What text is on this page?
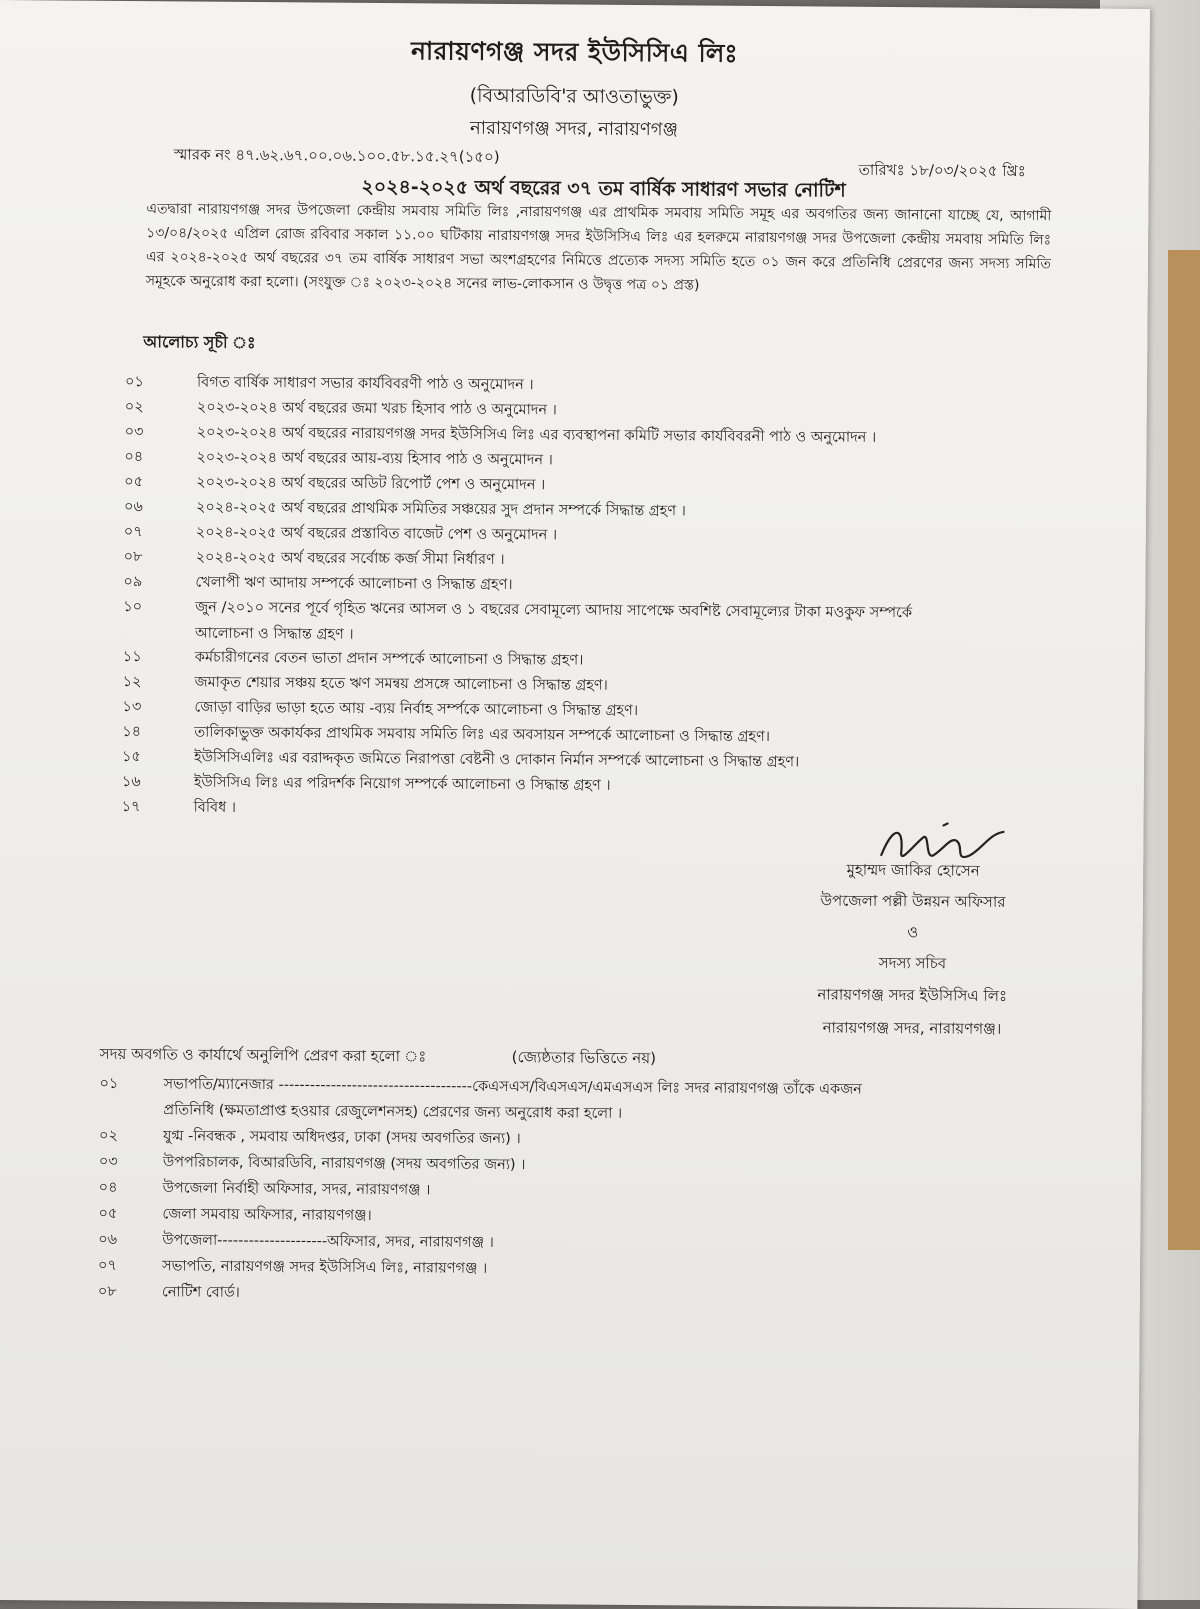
নারায়ণগঞ্জ সদর ইউসিসিএ লিঃ
(বিআরডিবি'র আওতাভুক্ত)
নারায়ণগঞ্জ সদর, নারায়ণগঞ্জ
স্মারক নং ৪৭.৬২.৬৭.০০.০৬.১০০.৫৮.১৫.২৭(১৫০)
তারিখঃ ১৮/০৩/২০২৫ খ্রিঃ
২০২৪-২০২৫ অর্থ বছরের ৩৭ তম বার্ষিক সাধারণ সভার নোটিশ
এতদ্বারা নারায়ণগঞ্জ সদর উপজেলা কেন্দ্রীয় সমবায় সমিতি লিঃ ,নারায়ণগঞ্জ এর প্রাথমিক সমবায় সমিতি সমূহ এর অবগতির জন্য জানানো যাচ্ছে যে, আগামী ১৩/০৪/২০২৫ এপ্রিল রোজ রবিবার সকাল ১১.০০ ঘটিকায় নারায়ণগঞ্জ সদর ইউসিসিএ লিঃ এর হলরুমে নারায়ণগঞ্জ সদর উপজেলা কেন্দ্রীয় সমবায় সমিতি লিঃ এর ২০২৪-২০২৫ অর্থ বছরের ৩৭ তম বার্ষিক সাধারণ সভা অংশগ্রহণের নিমিত্তে প্রত্যেক সদস্য সমিতি হতে ০১ জন করে প্রতিনিধি প্রেরণের জন্য সদস্য সমিতি সমূহকে অনুরোধ করা হলো। (সংযুক্ত ঃ ২০২৩-২০২৪ সনের লাভ-লোকসান ও উদ্বৃত্ত পত্র ০১ প্রস্ত)
আলোচ্য সূচী ঃ
০১	বিগত বার্ষিক সাধারণ সভার কার্যবিবরণী পাঠ ও অনুমোদন ।
০২	২০২৩-২০২৪ অর্থ বছরের জমা খরচ হিসাব পাঠ ও অনুমোদন ।
০৩	২০২৩-২০২৪ অর্থ বছরের নারায়ণগঞ্জ সদর ইউসিসিএ লিঃ এর ব্যবস্থাপনা কমিটি সভার কার্যবিবরনী পাঠ ও অনুমোদন ।
০৪	২০২৩-২০২৪ অর্থ বছরের আয়-ব্যয় হিসাব পাঠ ও অনুমোদন ।
০৫	২০২৩-২০২৪ অর্থ বছরের অডিট রিপোর্ট পেশ ও অনুমোদন ।
০৬	২০২৪-২০২৫ অর্থ বছরের প্রাথমিক সমিতির সঞ্চয়ের সুদ প্রদান সম্পর্কে সিদ্ধান্ত গ্রহণ ।
০৭	২০২৪-২০২৫ অর্থ বছরের প্রস্তাবিত বাজেট পেশ ও অনুমোদন ।
০৮	২০২৪-২০২৫ অর্থ বছরের সর্বোচ্চ কর্জ সীমা নির্ধারণ ।
০৯	খেলাপী ঋণ আদায় সম্পর্কে আলোচনা ও সিদ্ধান্ত গ্রহণ।
১০	জুন /২০১০ সনের পূর্বে গৃহিত ঋনের আসল ও ১ বছরের সেবামূল্যে আদায় সাপেক্ষে অবশিষ্ট সেবামূল্যের টাকা মওকুফ সম্পর্কে
আলোচনা ও সিদ্ধান্ত গ্রহণ ।
১১	কর্মচারীগনের বেতন ভাতা প্রদান সম্পর্কে আলোচনা ও সিদ্ধান্ত গ্রহণ।
১২	জমাকৃত শেয়ার সঞ্চয় হতে ঋণ সমন্বয় প্রসঙ্গে আলোচনা ও সিদ্ধান্ত গ্রহণ।
১৩	জোড়া বাড়ির ভাড়া হতে আয় -ব্যয় নির্বাহ সর্ম্পকে আলোচনা ও সিদ্ধান্ত গ্রহণ।
১৪	তালিকাভুক্ত অকার্যকর প্রাথমিক সমবায় সমিতি লিঃ এর অবসায়ন সম্পর্কে আলোচনা ও সিদ্ধান্ত গ্রহণ।
১৫	ইউসিসিএলিঃ এর বরাদ্দকৃত জমিতে নিরাপত্তা বেষ্টনী ও দোকান নির্মান সম্পর্কে আলোচনা ও সিদ্ধান্ত গ্রহণ।
১৬	ইউসিসিএ লিঃ এর পরিদর্শক নিয়োগ সম্পর্কে আলোচনা ও সিদ্ধান্ত গ্রহণ ।
১৭	বিবিধ ।
মুহাম্মদ জাকির হোসেন
উপজেলা পল্লী উন্নয়ন অফিসার
ও
সদস্য সচিব
নারায়ণগঞ্জ সদর ইউসিসিএ লিঃ
নারায়ণগঞ্জ সদর, নারায়ণগঞ্জ।
সদয় অবগতি ও কার্যার্থে অনুলিপি প্রেরণ করা হলো ঃ	(জ্যেষ্ঠতার ভিত্তিতে নয়)
০১	সভাপতি/ম্যানেজার -------------------------------------কেএসএস/বিএসএস/এমএসএস লিঃ সদর নারায়ণগঞ্জ তাঁকে একজন
প্রতিনিধি (ক্ষমতাপ্রাপ্ত হওয়ার রেজুলেশনসহ) প্রেরণের জন্য অনুরোধ করা হলো ।
০২	যুগ্ম -নিবন্ধক , সমবায় অধিদপ্তর, ঢাকা (সদয় অবগতির জন্য) ।
০৩	উপপরিচালক, বিআরডিবি, নারায়ণগঞ্জ (সদয় অবগতির জন্য) ।
০৪	উপজেলা নির্বাহী অফিসার, সদর, নারায়ণগঞ্জ ।
০৫	জেলা সমবায় অফিসার, নারায়ণগঞ্জ।
০৬	উপজেলা---------------------অফিসার, সদর, নারায়ণগঞ্জ ।
০৭	সভাপতি, নারায়ণগঞ্জ সদর ইউসিসিএ লিঃ, নারায়ণগঞ্জ ।
০৮	নোটিশ বোর্ড।
